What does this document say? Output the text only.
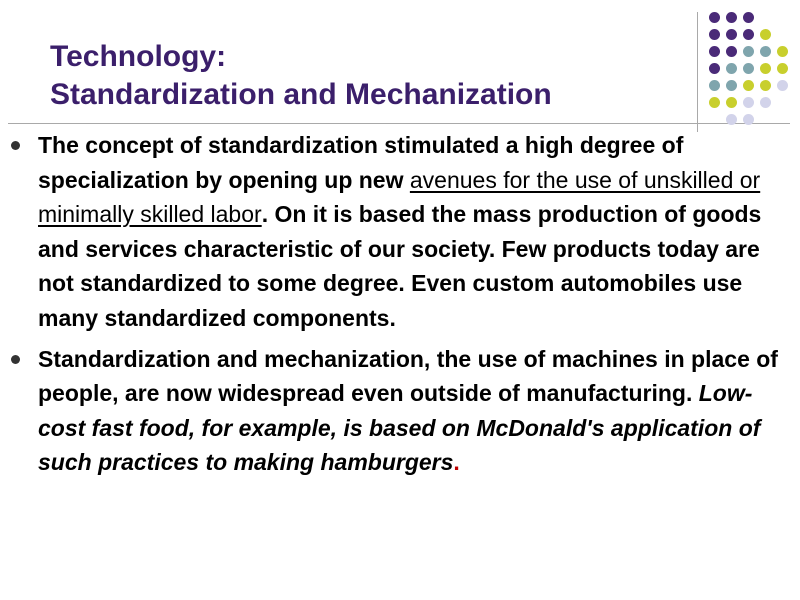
Technology:
Standardization and Mechanization

The concept of standardization stimulated a high degree of specialization by opening up new avenues for the use of unskilled or minimally skilled labor. On it is based the mass production of goods and services characteristic of our society. Few products today are not standardized to some degree. Even custom automobiles use many standardized components.

Standardization and mechanization, the use of machines in place of people, are now widespread even outside of manufacturing. Low-cost fast food, for example, is based on McDonald's application of such practices to making hamburgers.
